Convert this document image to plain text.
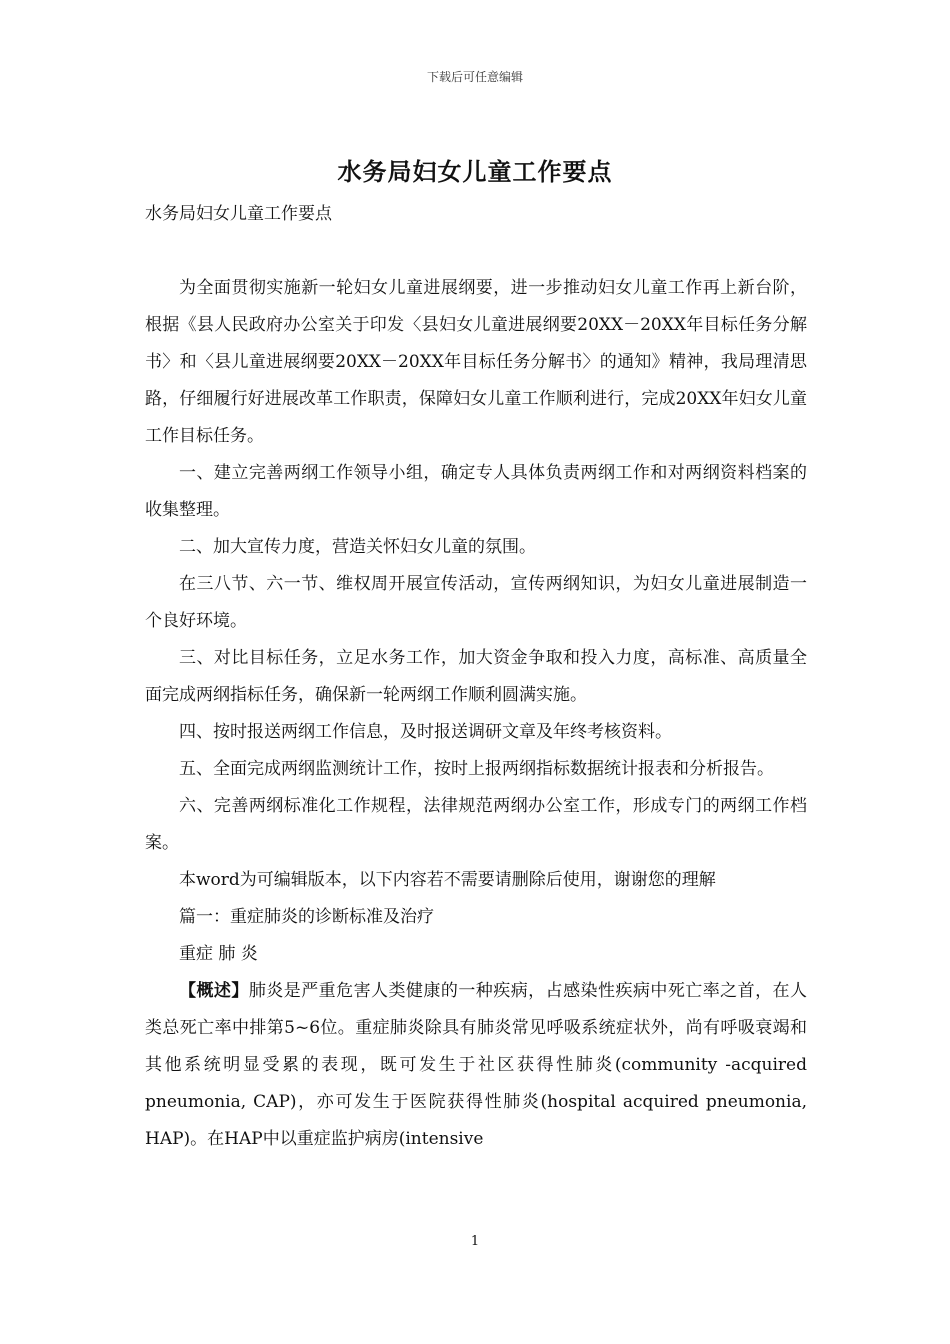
下载后可任意编辑
水务局妇女儿童工作要点
水务局妇女儿童工作要点

为全面贯彻实施新一轮妇女儿童进展纲要，进一步推动妇女儿童工作再上新台阶，根据《县人民政府办公室关于印发〈县妇女儿童进展纲要20XX－20XX年目标任务分解书〉和〈县儿童进展纲要20XX－20XX年目标任务分解书〉的通知》精神，我局理清思路，仔细履行好进展改革工作职责，保障妇女儿童工作顺利进行，完成20XX年妇女儿童工作目标任务。

一、建立完善两纲工作领导小组，确定专人具体负责两纲工作和对两纲资料档案的收集整理。

二、加大宣传力度，营造关怀妇女儿童的氛围。

在三八节、六一节、维权周开展宣传活动，宣传两纲知识，为妇女儿童进展制造一个良好环境。

三、对比目标任务，立足水务工作，加大资金争取和投入力度，高标准、高质量全面完成两纲指标任务，确保新一轮两纲工作顺利圆满实施。

四、按时报送两纲工作信息，及时报送调研文章及年终考核资料。

五、全面完成两纲监测统计工作，按时上报两纲指标数据统计报表和分析报告。

六、完善两纲标准化工作规程，法律规范两纲办公室工作，形成专门的两纲工作档案。

本word为可编辑版本，以下内容若不需要请删除后使用，谢谢您的理解

篇一：重症肺炎的诊断标准及治疗

重症 肺 炎

【概述】肺炎是严重危害人类健康的一种疾病，占感染性疾病中死亡率之首，在人类总死亡率中排第5~6位。重症肺炎除具有肺炎常见呼吸系统症状外，尚有呼吸衰竭和其他系统明显受累的表现，既可发生于社区获得性肺炎(community -acquired pneumonia, CAP)，亦可发生于医院获得性肺炎(hospital acquired pneumonia, HAP)。在HAP中以重症监护病房(intensive

1
